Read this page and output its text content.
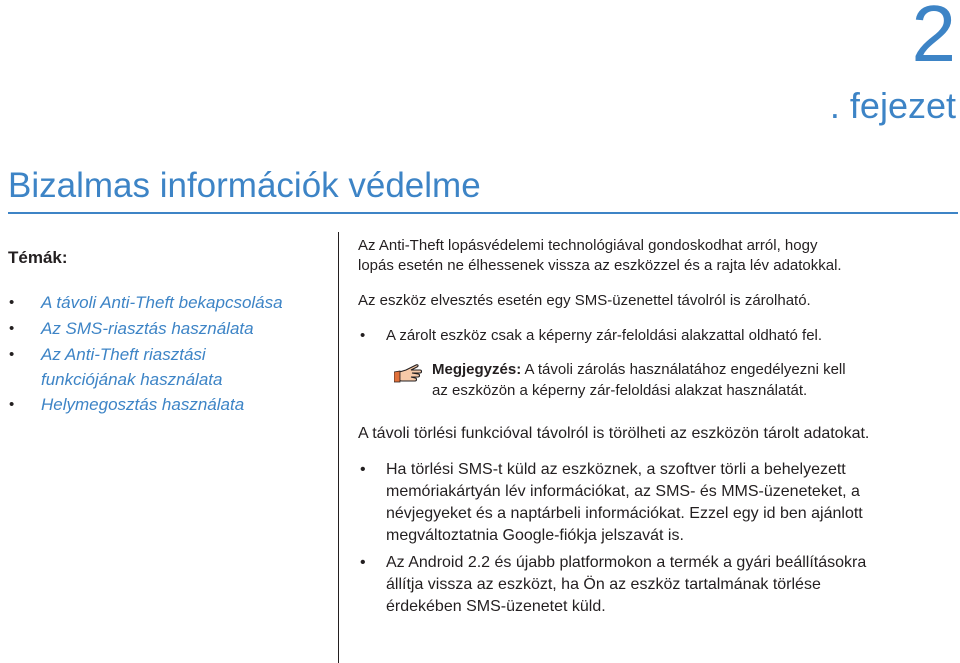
2
. fejezet
Bizalmas információk védelme
Témák:
• A távoli Anti-Theft bekapcsolása
• Az SMS-riasztás használata
• Az Anti-Theft riasztási
funkciójának használata
• Helymegosztás használata

Az Anti-Theft lopásvédelemi technológiával gondoskodhat arról, hogy
lopás esetén ne élhessenek vissza az eszközzel és a rajta lév adatokkal.

Az eszköz elvesztés esetén egy SMS-üzenettel távolról is zárolható.

• A zárolt eszköz csak a képerny zár-feloldási alakzattal oldható fel.

Megjegyzés: A távoli zárolás használatához engedélyezni kell
az eszközön a képerny zár-feloldási alakzat használatát.

A távoli törlési funkcióval távolról is törölheti az eszközön tárolt adatokat.

• Ha törlési SMS-t küld az eszköznek, a szoftver törli a behelyezett
memóriakártyán lév információkat, az SMS- és MMS-üzeneteket, a
névjegyeket és a naptárbeli információkat. Ezzel egy id ben ajánlott
megváltoztatnia Google-fiókja jelszavát is.
• Az Android 2.2 és újabb platformokon a termék a gyári beállításokra
állítja vissza az eszközt, ha Ön az eszköz tartalmának törlése
érdekében SMS-üzenetet küld.
